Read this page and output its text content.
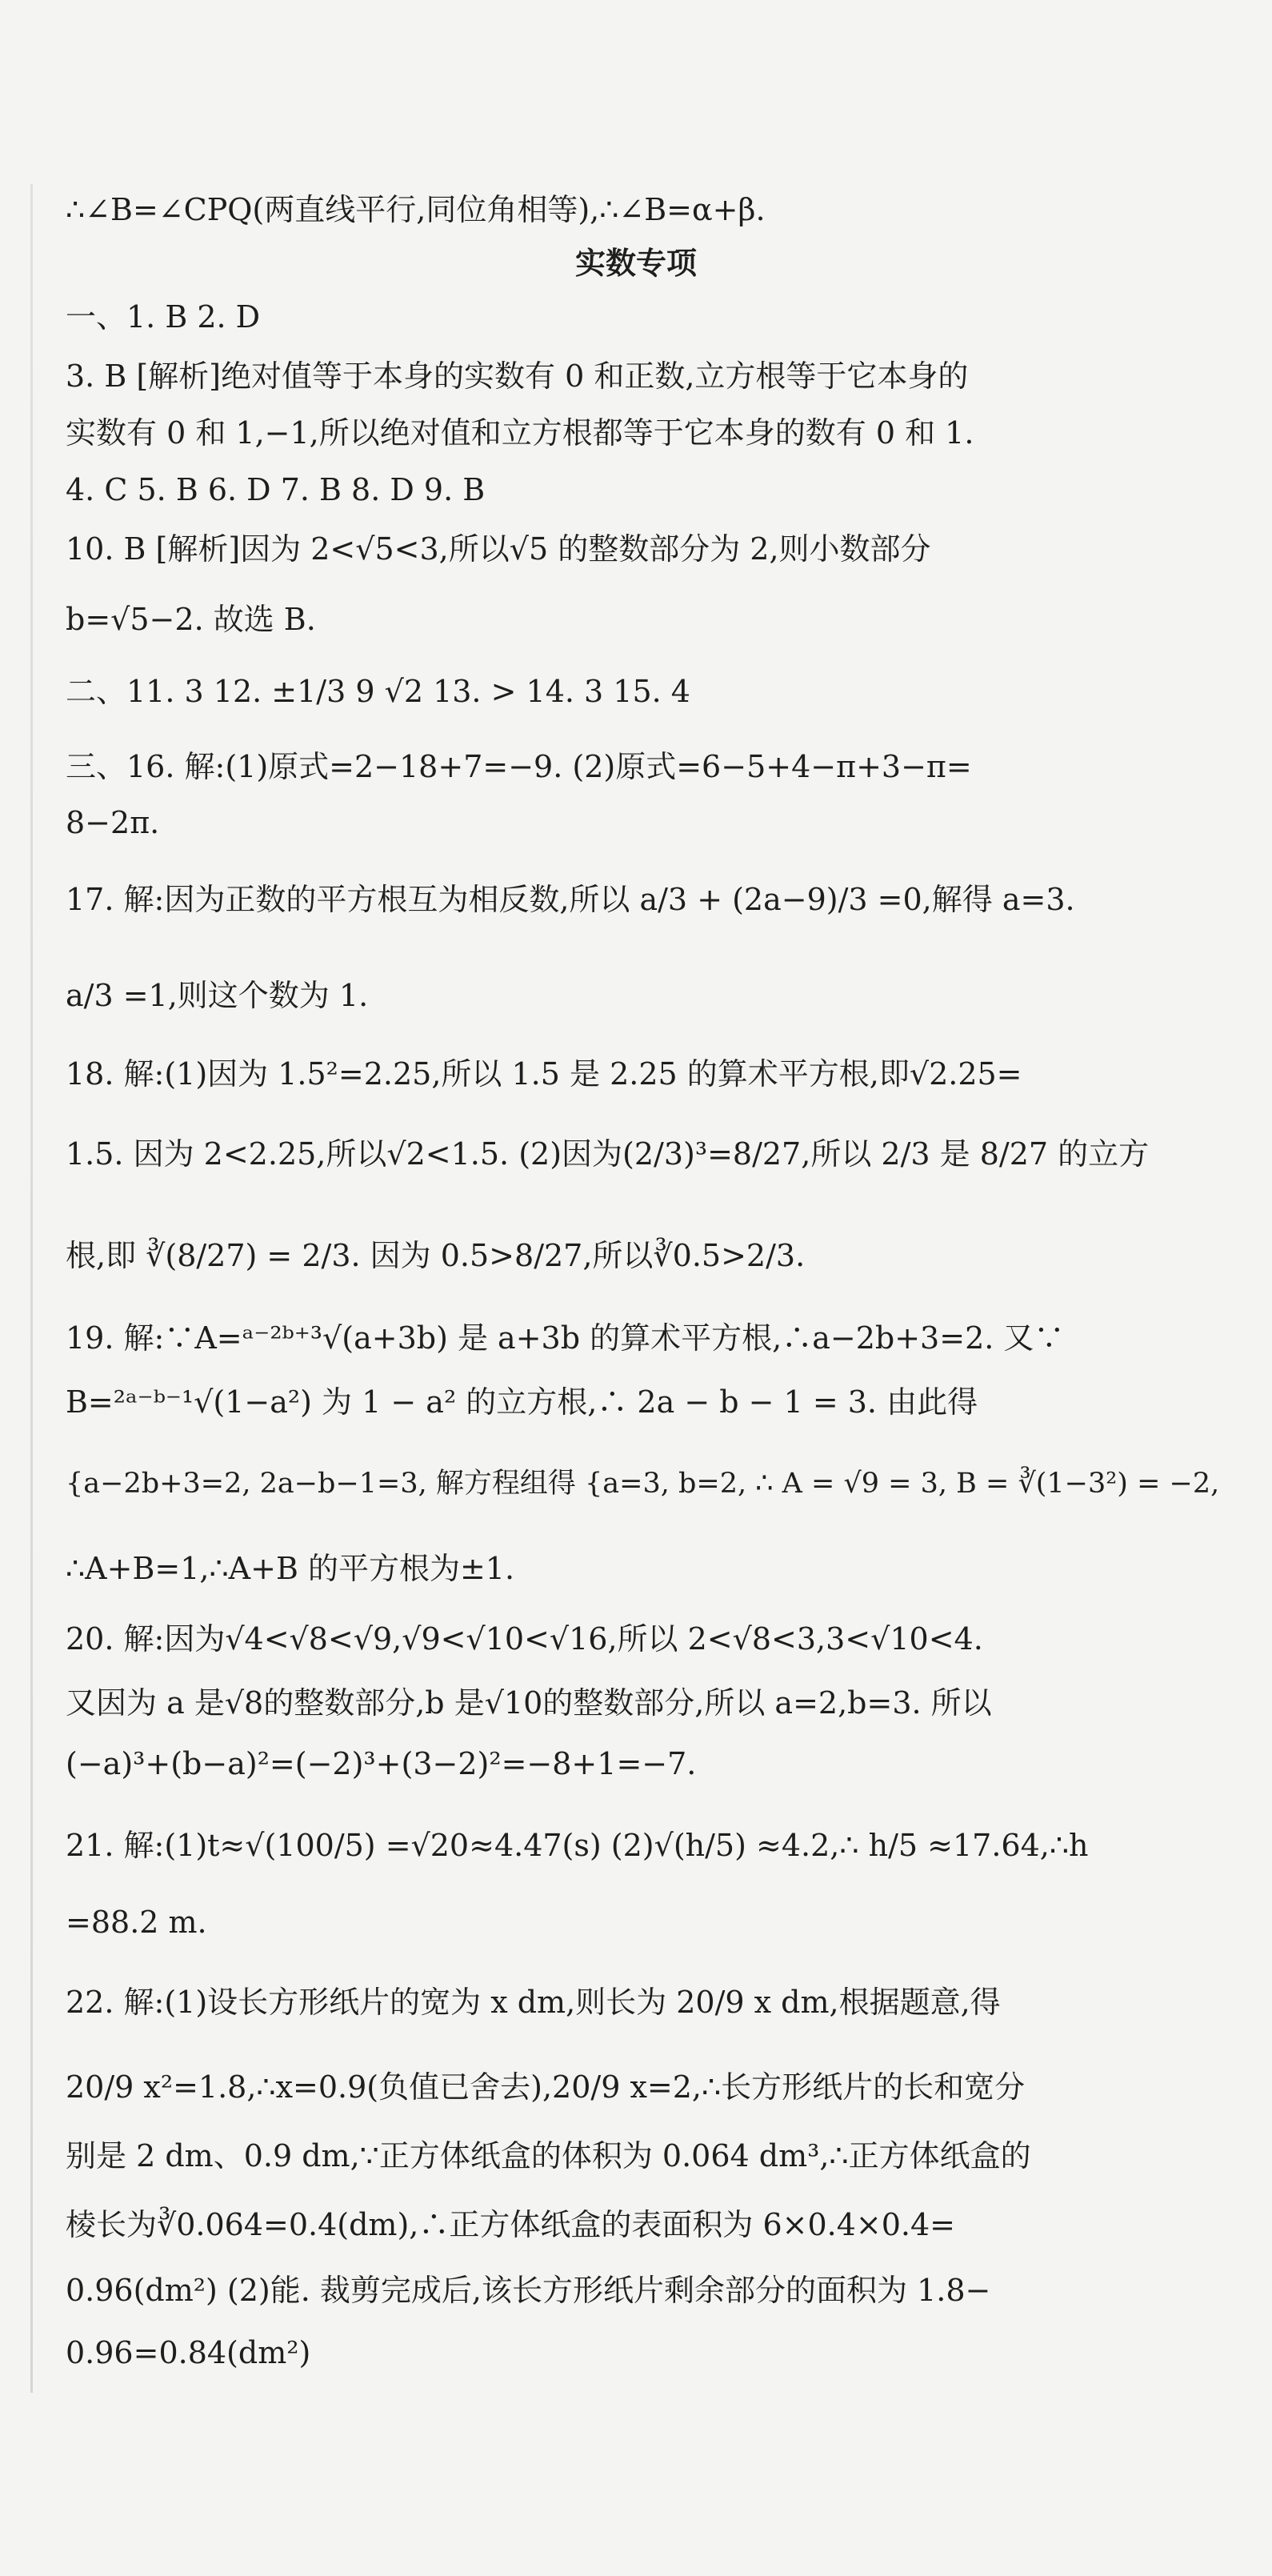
∴∠B=∠CPQ(两直线平行,同位角相等),∴∠B=α+β.
实数专项
一、1. B 2. D
3. B [解析]绝对值等于本身的实数有 0 和正数,立方根等于它本身的
实数有 0 和 1,−1,所以绝对值和立方根都等于它本身的数有 0 和 1.
4. C 5. B 6. D 7. B 8. D 9. B
10. B [解析]因为 2<√5<3,所以√5 的整数部分为 2,则小数部分
b=√5−2. 故选 B.
二、11. 3 12. ±1/3 9 √2 13. > 14. 3 15. 4
三、16. 解:(1)原式=2−18+7=−9. (2)原式=6−5+4−π+3−π=
8−2π.
17. 解:因为正数的平方根互为相反数,所以 a/3 + (2a−9)/3 =0,解得 a=3.
a/3 =1,则这个数为 1.
18. 解:(1)因为 1.5²=2.25,所以 1.5 是 2.25 的算术平方根,即√2.25=
1.5. 因为 2<2.25,所以√2<1.5. (2)因为(2/3)³=8/27,所以 2/3 是 8/27 的立方
根,即 ∛(8/27) = 2/3. 因为 0.5>8/27,所以∛0.5>2/3.
19. 解:∵A=ᵃ⁻²ᵇ⁺³√(a+3b) 是 a+3b 的算术平方根,∴a−2b+3=2. 又∵
B=²ᵃ⁻ᵇ⁻¹√(1−a²) 为 1 − a² 的立方根,∴ 2a − b − 1 = 3. 由此得
{a−2b+3=2, 2a−b−1=3, 解方程组得 {a=3, b=2, ∴ A = √9 = 3, B = ∛(1−3²) = −2,
∴A+B=1,∴A+B 的平方根为±1.
20. 解:因为√4<√8<√9,√9<√10<√16,所以 2<√8<3,3<√10<4.
又因为 a 是√8的整数部分,b 是√10的整数部分,所以 a=2,b=3. 所以
(−a)³+(b−a)²=(−2)³+(3−2)²=−8+1=−7.
21. 解:(1)t≈√(100/5) =√20≈4.47(s) (2)√(h/5) ≈4.2,∴ h/5 ≈17.64,∴h
=88.2 m.
22. 解:(1)设长方形纸片的宽为 x dm,则长为 20/9 x dm,根据题意,得
20/9 x²=1.8,∴x=0.9(负值已舍去),20/9 x=2,∴长方形纸片的长和宽分
别是 2 dm、0.9 dm,∵正方体纸盒的体积为 0.064 dm³,∴正方体纸盒的
棱长为∛0.064=0.4(dm),∴正方体纸盒的表面积为 6×0.4×0.4=
0.96(dm²) (2)能. 裁剪完成后,该长方形纸片剩余部分的面积为 1.8−
0.96=0.84(dm²)
